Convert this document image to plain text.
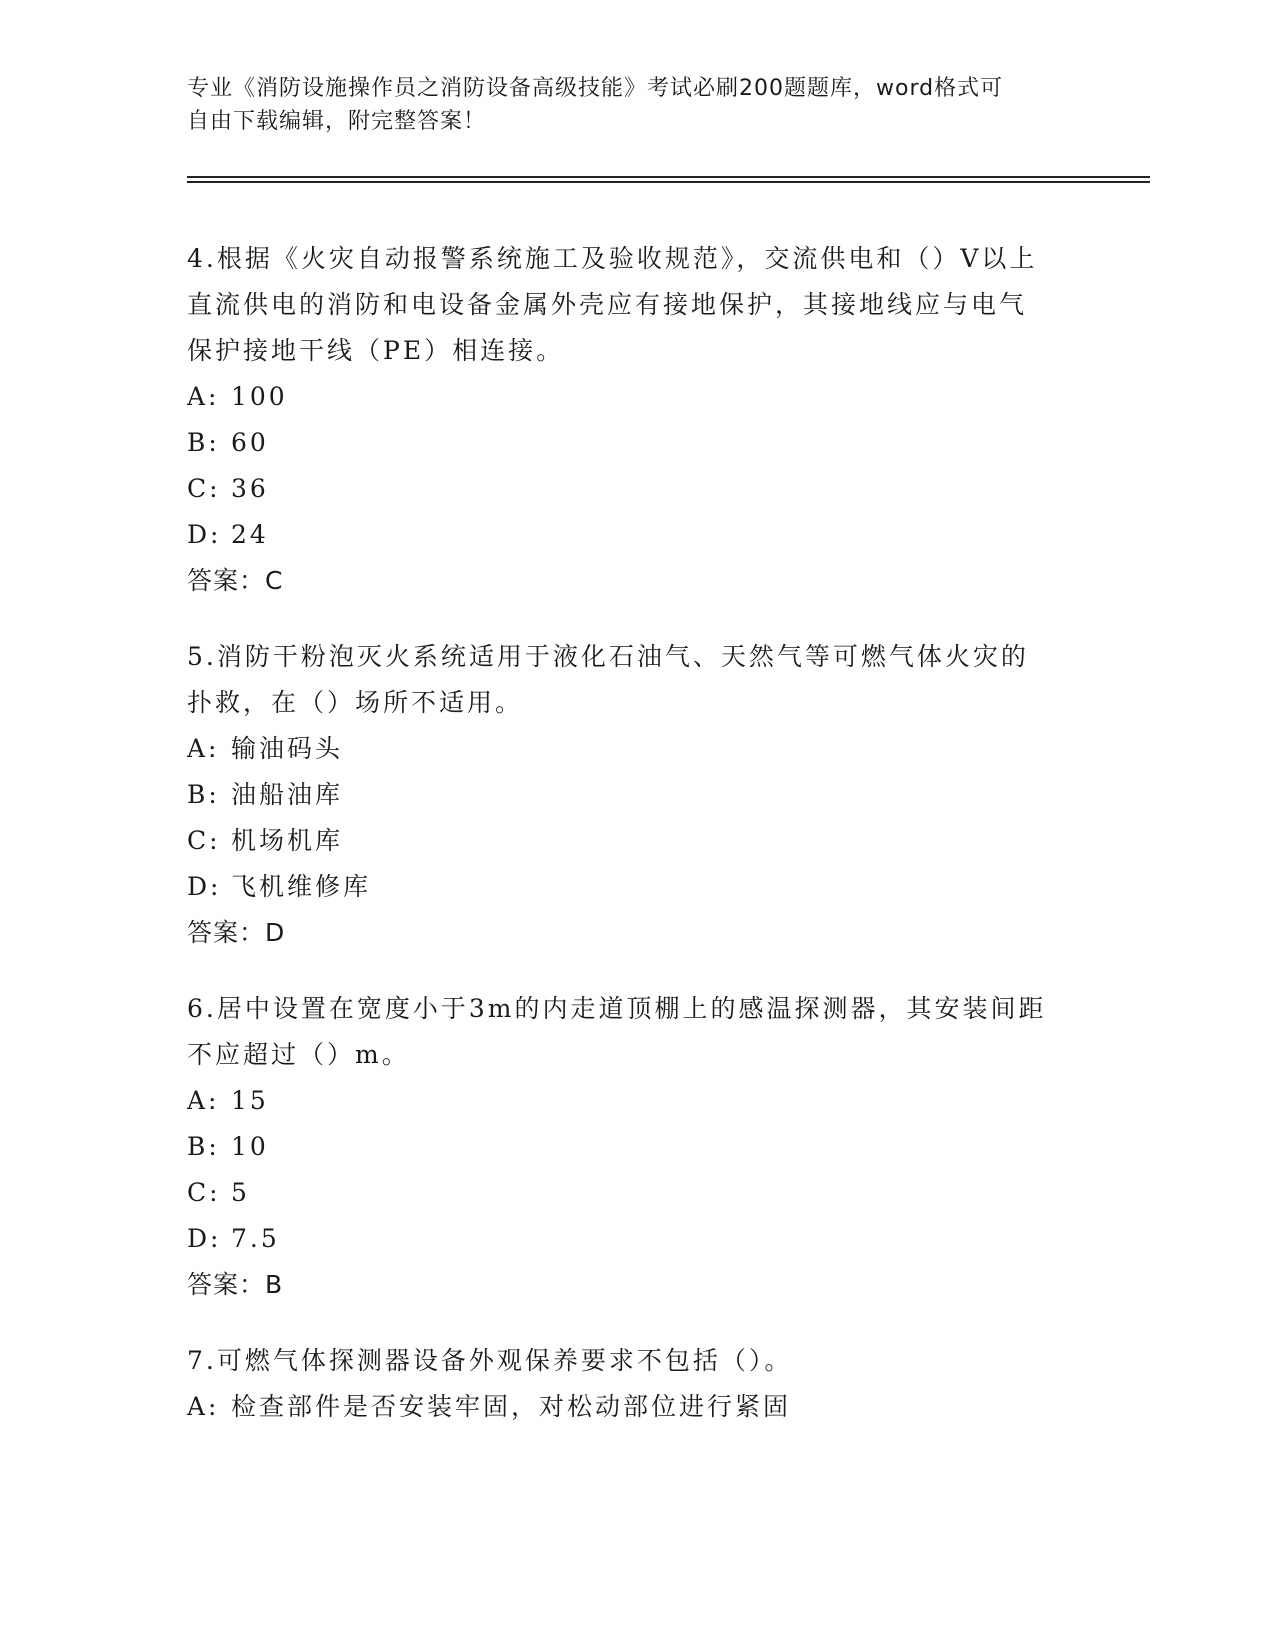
专业《消防设施操作员之消防设备高级技能》考试必刷200题题库，word格式可
自由下载编辑，附完整答案！

4.根据《火灾自动报警系统施工及验收规范》，交流供电和（）V以上

直流供电的消防和电设备金属外壳应有接地保护，其接地线应与电气

保护接地干线（PE）相连接。

A: 100
B: 60
C: 36
D: 24

答案：C

5.消防干粉泡灭火系统适用于液化石油气、天然气等可燃气体火灾的

扑救，在（）场所不适用。

A: 输油码头
B: 油船油库
C: 机场机库
D: 飞机维修库

答案：D

6.居中设置在宽度小于3m的内走道顶棚上的感温探测器，其安装间距

不应超过（）m。

A: 15
B: 10
C: 5
D: 7.5

答案：B

7.可燃气体探测器设备外观保养要求不包括（）。

A: 检查部件是否安装牢固，对松动部位进行紧固
